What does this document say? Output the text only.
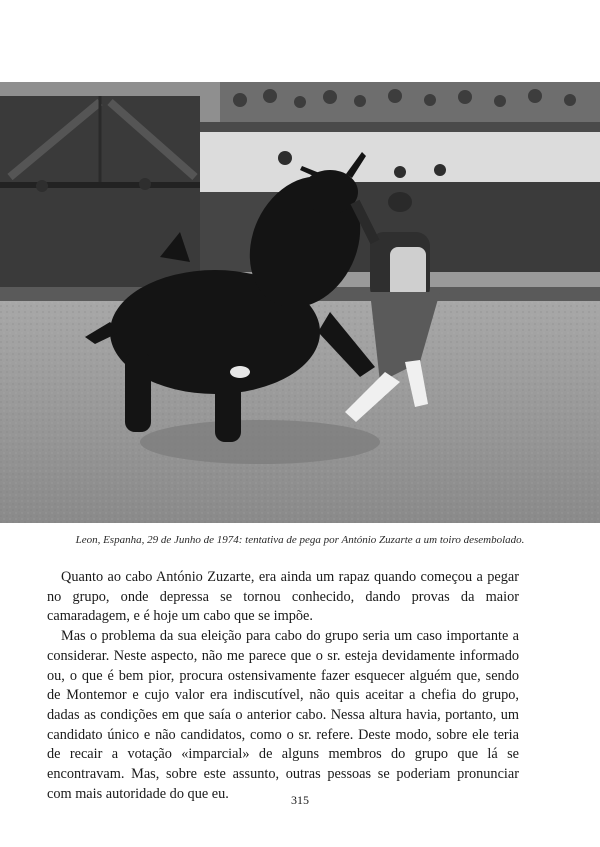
Leon, Espanha, 29 de Junho de 1974: tentativa de pega por António Zuzarte a um toiro desembolado.

Quanto ao cabo António Zuzarte, era ainda um rapaz quando começou a pegar no grupo, onde depressa se tornou conhecido, dando provas da maior camaradagem, e é hoje um cabo que se impõe.

Mas o problema da sua eleição para cabo do grupo seria um caso importante a considerar. Neste aspecto, não me parece que o sr. esteja devidamente informado ou, o que é bem pior, procura ostensivamente fazer esquecer alguém que, sendo de Montemor e cujo valor era indiscutível, não quis aceitar a chefia do grupo, dadas as condições em que saía o anterior cabo. Nessa altura havia, portanto, um candidato único e não candidatos, como o sr. refere. Deste modo, sobre ele teria de recair a votação «imparcial» de alguns membros do grupo que lá se encontravam. Mas, sobre este assunto, outras pessoas se poderiam pronunciar com mais autoridade do que eu.	315
